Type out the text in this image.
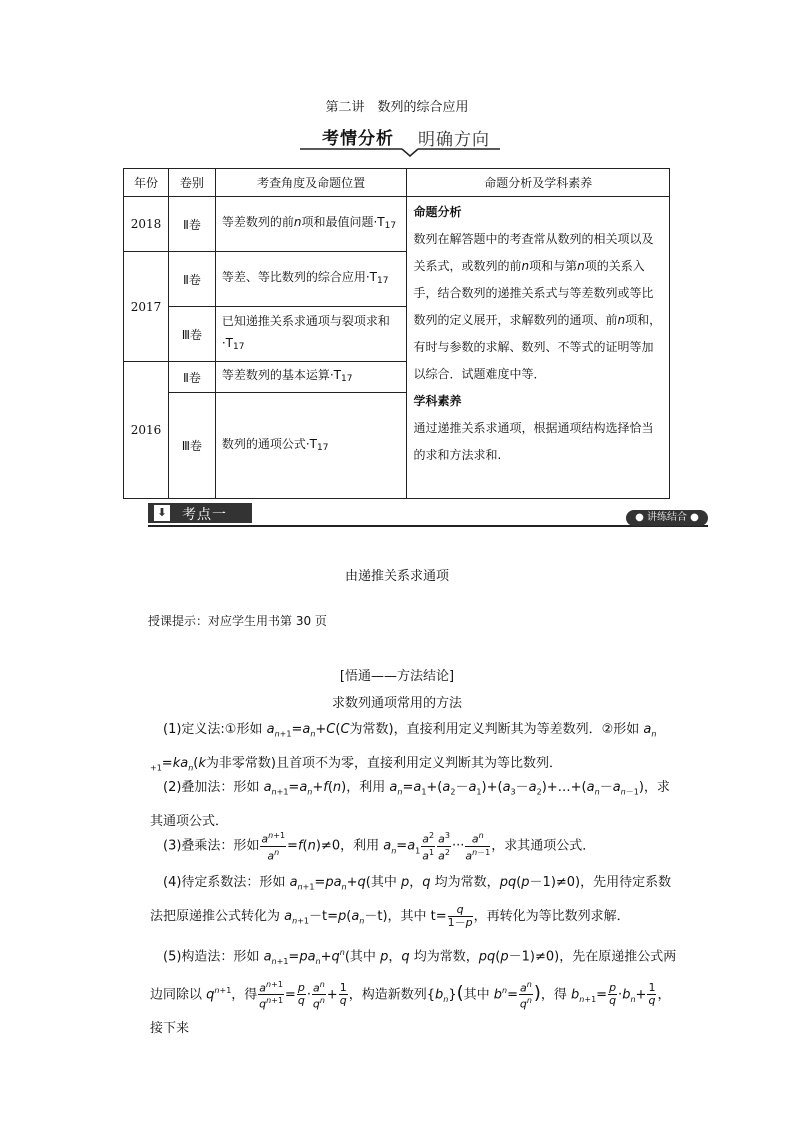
第二讲　数列的综合应用
考情分析 明确方向
年份	卷别	考查角度及命题位置	命题分析及学科素养
2018	Ⅱ卷	等差数列的前n项和最值问题$\cdot T_{17}$	命题分析
数列在解答题中的考查常从数列的相关项以及关系式，或数列的前n项和与第n项的关系入手，结合数列的递推关系式与等差数列或等比数列的定义展开，求解数列的通项、前n项和，有时与参数的求解、数列、不等式的证明等加以综合．试题难度中等．
学科素养
通过递推关系求通项，根据通项结构选择恰当的求和方法求和.

2017	Ⅱ卷	等差、等比数列的综合应用$\cdot T_{17}$
	Ⅲ卷	已知递推关系求通项与裂项求和$\cdot T_{17}$
2016	Ⅱ卷	等差数列的基本运算$\cdot T_{17}$
	Ⅲ卷	数列的通项公式$\cdot T_{17}$
⬇ 考点一	● 讲练结合 ●
由递推关系求通项
授课提示：对应学生用书第 30 页
[悟通——方法结论]
求数列通项常用的方法

　(1)定义法:①形如 $a_{n+1}=a_n+C(C$为常数)，直接利用定义判断其为等差数列．②形如 $a_n$

$_{+1}=ka_n(k$为非零常数)且首项不为零，直接利用定义判断其为等比数列．

　(2)叠加法：形如 $a_{n+1}=a_n+f(n)$，利用 $a_n=a_1+(a_2-a_1)+(a_3-a_2)+\dots+(a_n-a_{n-1})$，求

其通项公式．

　(3)叠乘法：形如 $\frac{a^{n+1}}{a^n} =f(n)\ne 0$，利用 $a_n=a_1 \frac{a^2}{a^1} \frac{a^3}{a^2}$ ··· $\frac{a^n}{a^{n-1}}$ ，求其通项公式．

　(4)待定系数法：形如 $a_{n+1}=pa_n+q$(其中 p，q 均为常数，pq(p－1)≠0)，先用待定系数

法把原递推公式转化为 $a_{n+1}-t=p(a_n-t)$，其中 $t= \frac{q}{1-p}$ ，再转化为等比数列求解．

　(5)构造法：形如 $a_{n+1}=pa_n+q^n$(其中 p，q 均为常数，pq(p－1)≠0)，先在原递推公式两

边同除以 $q^{n+1}$，得 $\frac{a^{n+1}}{q^{n+1}} = \frac{p}{q} \cdot \frac{a^n}{q^n} + \frac{1}{q}$ ，构造新数列$\{b_n\}$(其中 $b^n= \frac{a^n}{q^n}$ )，得 $b_{n+1}= \frac{p}{q} \cdot b_n+ \frac{1}{q}$ ，接下来
